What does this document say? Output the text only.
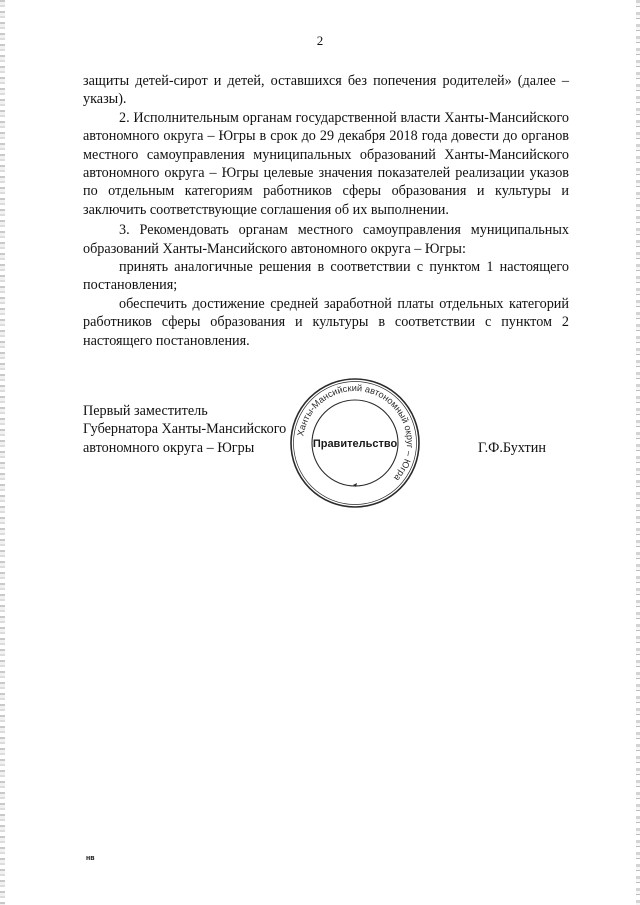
2

защиты детей-сирот и детей, оставшихся без попечения родителей» (далее – указы).

2. Исполнительным органам государственной власти Ханты-Мансийского автономного округа – Югры в срок до 29 декабря 2018 года довести до органов местного самоуправления муниципальных образований Ханты-Мансийского автономного округа – Югры целевые значения показателей реализации указов по отдельным категориям работников сферы образования и культуры и заключить соответствующие соглашения об их выполнении.

3. Рекомендовать органам местного самоуправления муниципальных образований Ханты-Мансийского автономного округа – Югры:

принять аналогичные решения в соответствии с пунктом 1 настоящего постановления;

обеспечить достижение средней заработной платы отдельных категорий работников сферы образования и культуры в соответствии с пунктом 2 настоящего постановления.

Первый заместитель
Губернатора Ханты-Мансийского
автономного округа – Югры
Ханты-Мансийский автономный округ – Югра
Правительство	Г.Ф.Бухтин
нв
